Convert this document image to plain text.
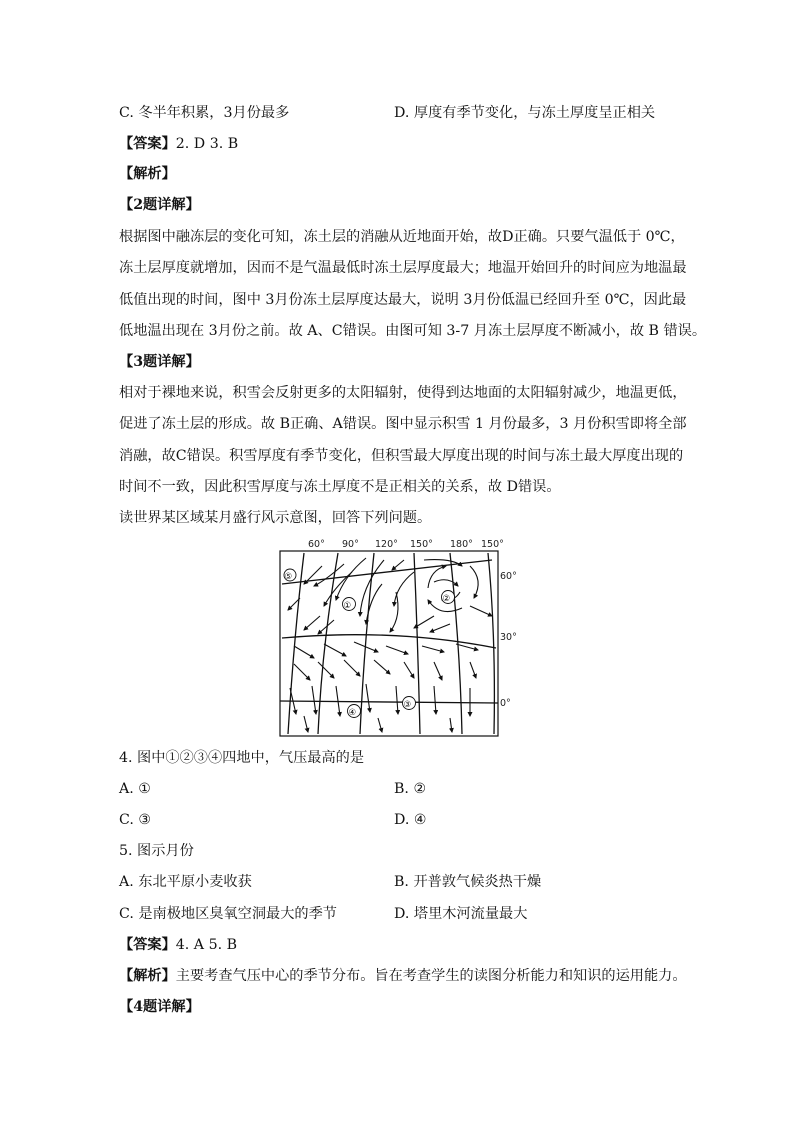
C. 冬半年积累，3月份最多	D. 厚度有季节变化，与冻土厚度呈正相关
【答案】2. D 3. B
【解析】
【2题详解】
根据图中融冻层的变化可知，冻土层的消融从近地面开始，故D正确。只要气温低于 0℃，
冻土层厚度就增加，因而不是气温最低时冻土层厚度最大；地温开始回升的时间应为地温最
低值出现的时间，图中 3月份冻土层厚度达最大，说明 3月份低温已经回升至 0℃，因此最
低地温出现在 3月份之前。故 A、C错误。由图可知 3-7 月冻土层厚度不断减小，故 B 错误。
【3题详解】
相对于裸地来说，积雪会反射更多的太阳辐射，使得到达地面的太阳辐射减少，地温更低，
促进了冻土层的形成。故 B正确、A错误。图中显示积雪 1 月份最多，3 月份积雪即将全部
消融，故C错误。积雪厚度有季节变化，但积雪最大厚度出现的时间与冻土最大厚度出现的
时间不一致，因此积雪厚度与冻土厚度不是正相关的关系，故 D错误。
读世界某区域某月盛行风示意图，回答下列问题。
60° 90° 120° 150° 180° 150°
60°
30°
0°
⑤
①
②
③
④
4. 图中①②③④四地中，气压最高的是
A. ①	B. ②
C. ③	D. ④
5. 图示月份
A. 东北平原小麦收获	B. 开普敦气候炎热干燥
C. 是南极地区臭氧空洞最大的季节	D. 塔里木河流量最大
【答案】4. A 5. B
【解析】主要考查气压中心的季节分布。旨在考查学生的读图分析能力和知识的运用能力。
【4题详解】
